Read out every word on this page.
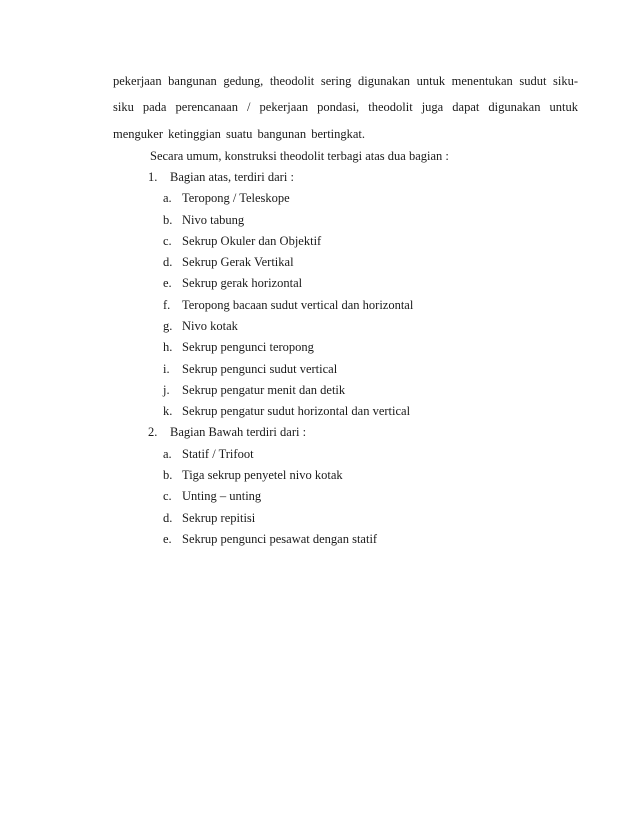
pekerjaan bangunan gedung, theodolit sering digunakan untuk menentukan sudut siku-
siku pada perencanaan / pekerjaan pondasi, theodolit juga dapat digunakan untuk
menguker ketinggian suatu bangunan bertingkat.
Secara umum, konstruksi theodolit terbagi atas dua bagian :
1. Bagian atas, terdiri dari :
a. Teropong / Teleskope
b. Nivo tabung
c. Sekrup Okuler dan Objektif
d. Sekrup Gerak Vertikal
e. Sekrup gerak horizontal
f. Teropong bacaan sudut vertical dan horizontal
g. Nivo kotak
h. Sekrup pengunci teropong
i. Sekrup pengunci sudut vertical
j. Sekrup pengatur menit dan detik
k. Sekrup pengatur sudut horizontal dan vertical
2. Bagian Bawah terdiri dari :
a. Statif / Trifoot
b. Tiga sekrup penyetel nivo kotak
c. Unting – unting
d. Sekrup repitisi
e. Sekrup pengunci pesawat dengan statif
